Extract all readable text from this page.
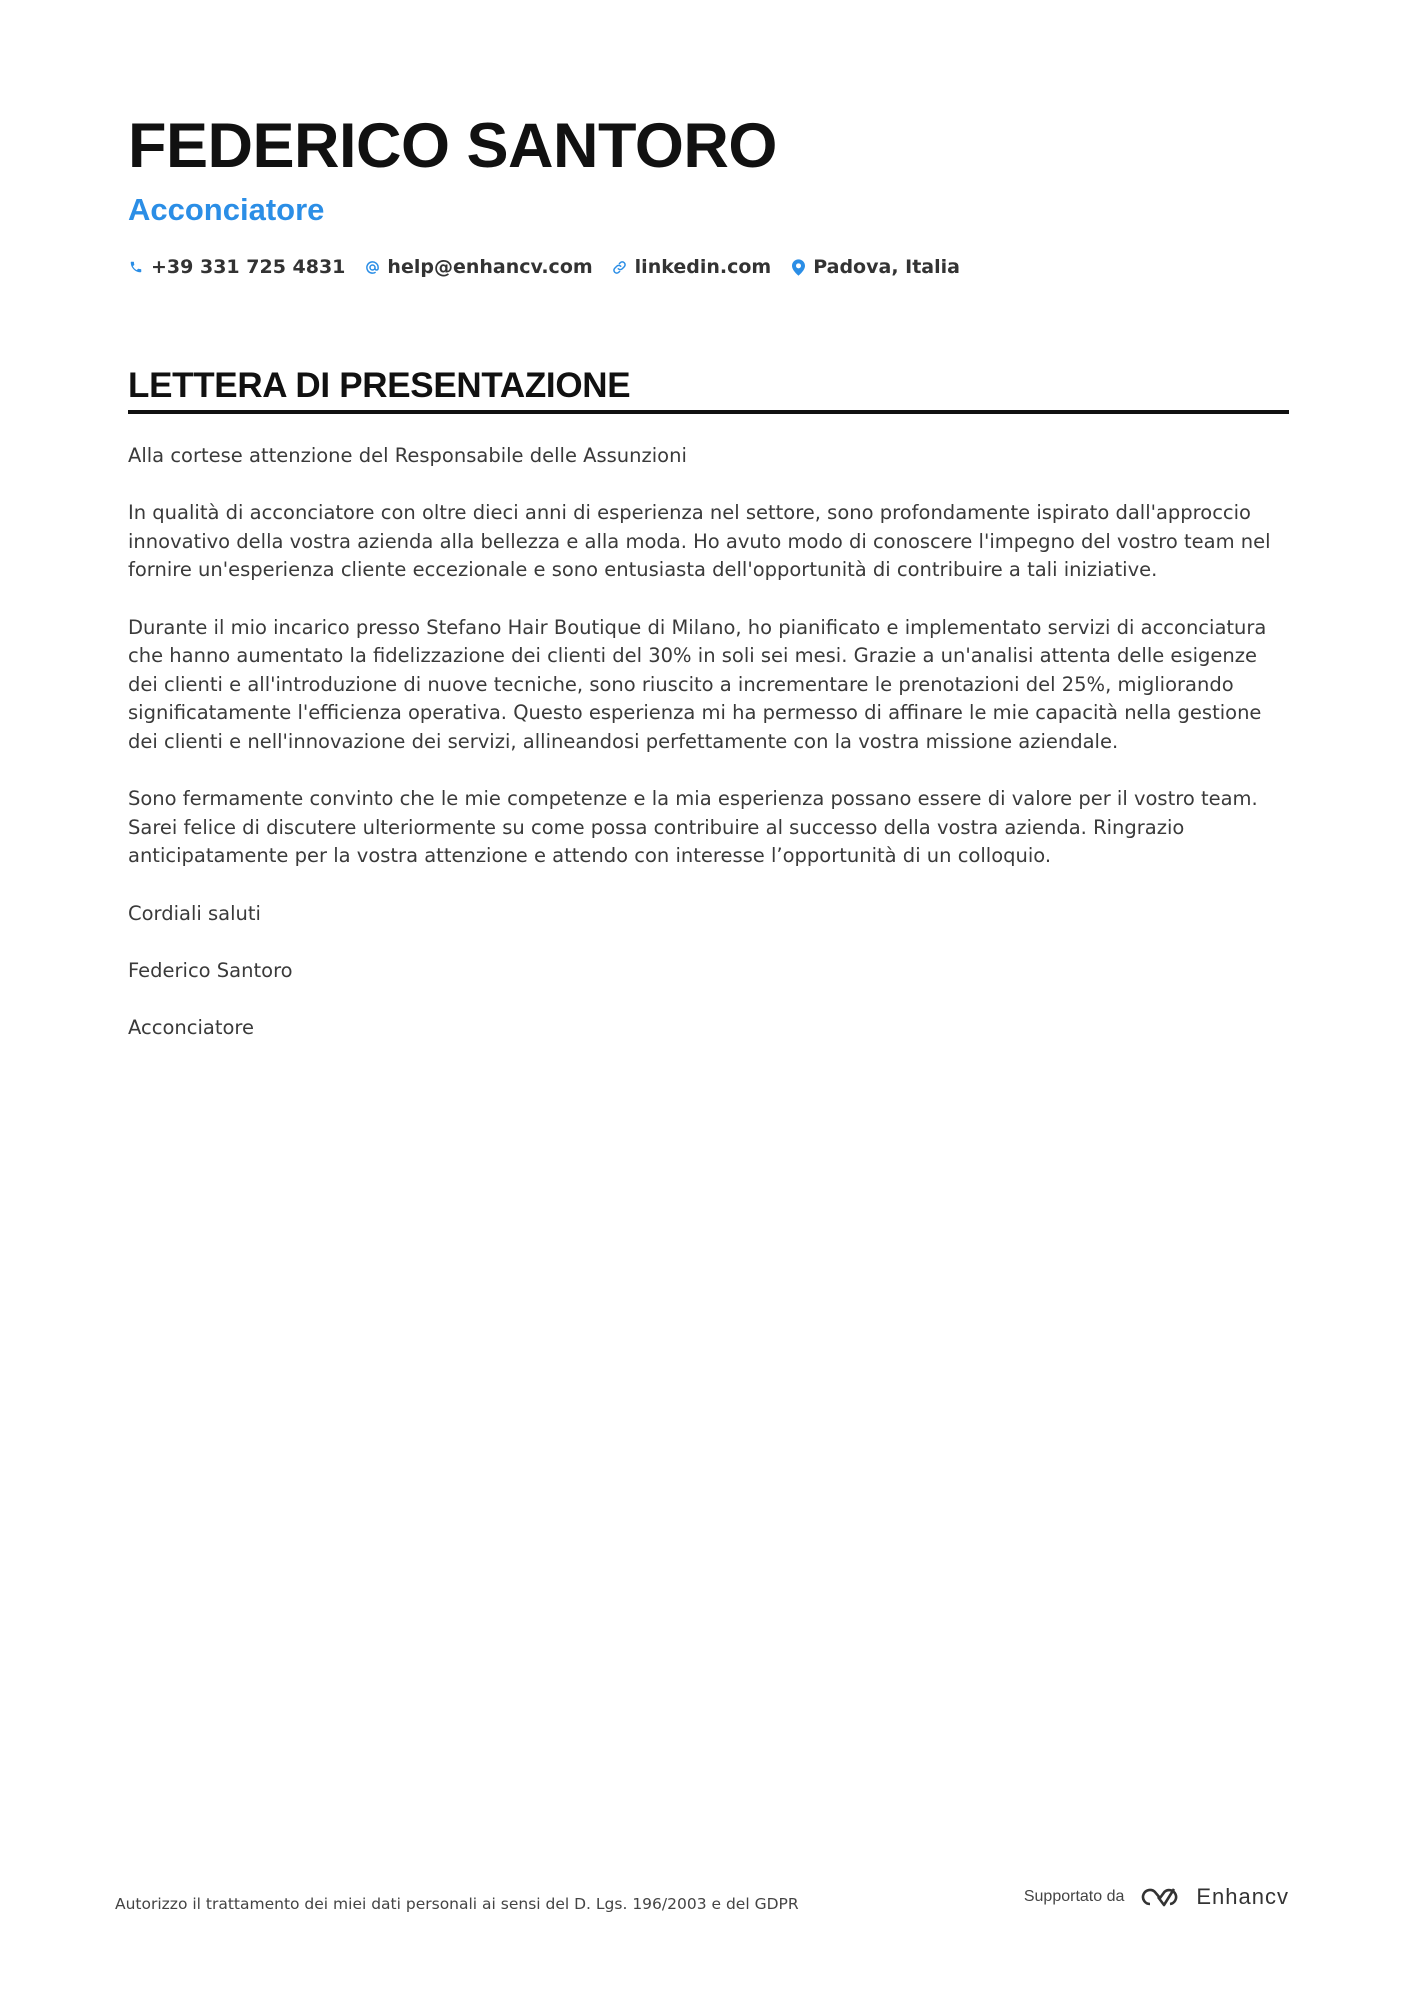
FEDERICO SANTORO
Acconciatore
+39 331 725 4831 help@enhancv.com linkedin.com Padova, Italia
LETTERA DI PRESENTAZIONE

Alla cortese attenzione del Responsabile delle Assunzioni

In qualità di acconciatore con oltre dieci anni di esperienza nel settore, sono profondamente ispirato dall'approccio innovativo della vostra azienda alla bellezza e alla moda. Ho avuto modo di conoscere l'impegno del vostro team nel fornire un'esperienza cliente eccezionale e sono entusiasta dell'opportunità di contribuire a tali iniziative.

Durante il mio incarico presso Stefano Hair Boutique di Milano, ho pianificato e implementato servizi di acconciatura che hanno aumentato la fidelizzazione dei clienti del 30% in soli sei mesi. Grazie a un'analisi attenta delle esigenze dei clienti e all'introduzione di nuove tecniche, sono riuscito a incrementare le prenotazioni del 25%, migliorando significatamente l'efficienza operativa. Questo esperienza mi ha permesso di affinare le mie capacità nella gestione dei clienti e nell'innovazione dei servizi, allineandosi perfettamente con la vostra missione aziendale.

Sono fermamente convinto che le mie competenze e la mia esperienza possano essere di valore per il vostro team. Sarei felice di discutere ulteriormente su come possa contribuire al successo della vostra azienda. Ringrazio anticipatamente per la vostra attenzione e attendo con interesse l’opportunità di un colloquio.

Cordiali saluti

Federico Santoro

Acconciatore

Autorizzo il trattamento dei miei dati personali ai sensi del D. Lgs. 196/2003 e del GDPR	Supportato da	Enhancv
